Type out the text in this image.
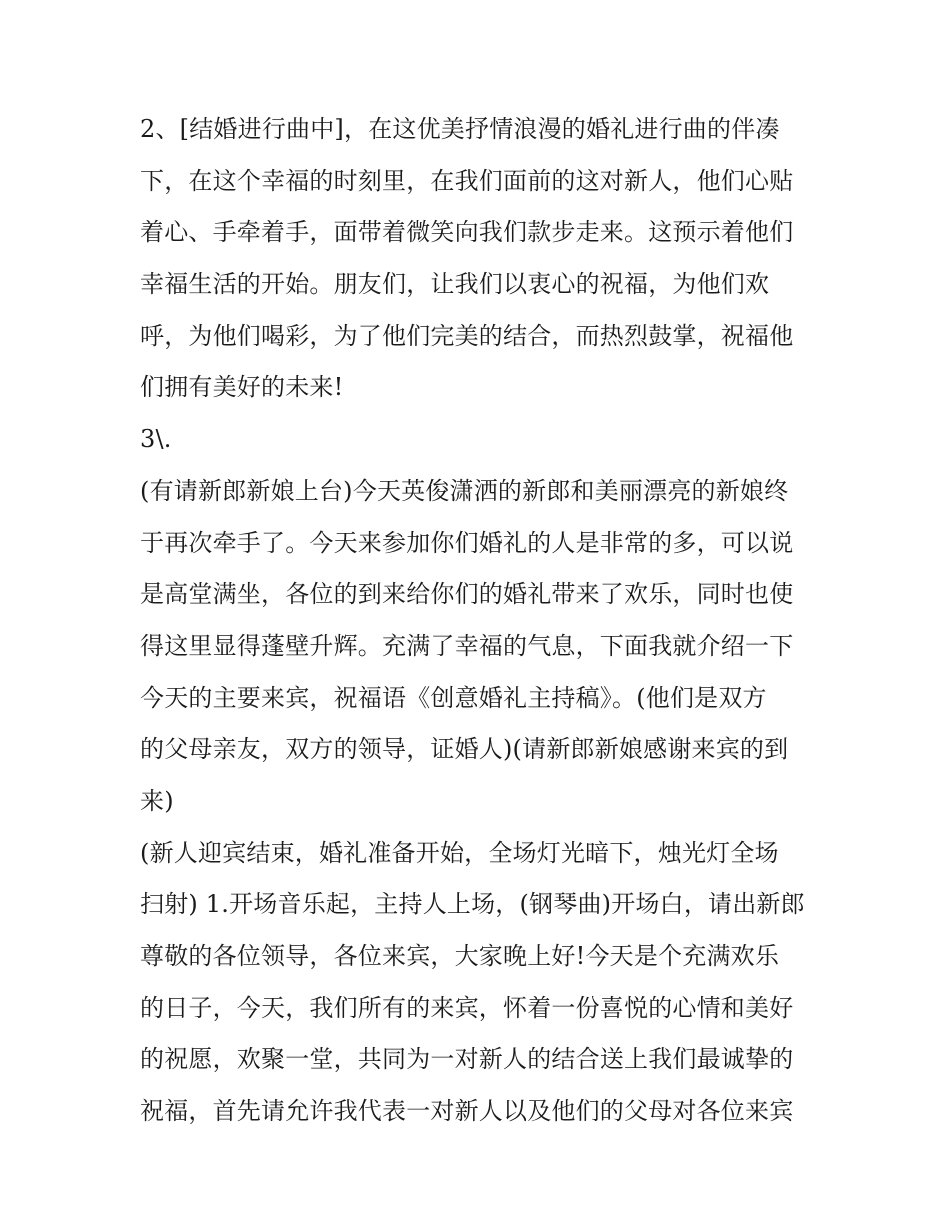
2、[结婚进行曲中]，在这优美抒情浪漫的婚礼进行曲的伴凑
下，在这个幸福的时刻里，在我们面前的这对新人，他们心贴
着心、手牵着手，面带着微笑向我们款步走来。这预示着他们
幸福生活的开始。朋友们，让我们以衷心的祝福，为他们欢
呼，为他们喝彩，为了他们完美的结合，而热烈鼓掌，祝福他
们拥有美好的未来!
3\.
(有请新郎新娘上台)今天英俊潇洒的新郎和美丽漂亮的新娘终
于再次牵手了。今天来参加你们婚礼的人是非常的多，可以说
是高堂满坐，各位的到来给你们的婚礼带来了欢乐，同时也使
得这里显得蓬壁升辉。充满了幸福的气息，下面我就介绍一下
今天的主要来宾，祝福语《创意婚礼主持稿》。(他们是双方
的父母亲友，双方的领导，证婚人)(请新郎新娘感谢来宾的到
来)
(新人迎宾结束，婚礼准备开始，全场灯光暗下，烛光灯全场
扫射) 1.开场音乐起，主持人上场，(钢琴曲)开场白，请出新郎
尊敬的各位领导，各位来宾，大家晚上好!今天是个充满欢乐
的日子，今天，我们所有的来宾，怀着一份喜悦的心情和美好
的祝愿，欢聚一堂，共同为一对新人的结合送上我们最诚挚的
祝福，首先请允许我代表一对新人以及他们的父母对各位来宾
